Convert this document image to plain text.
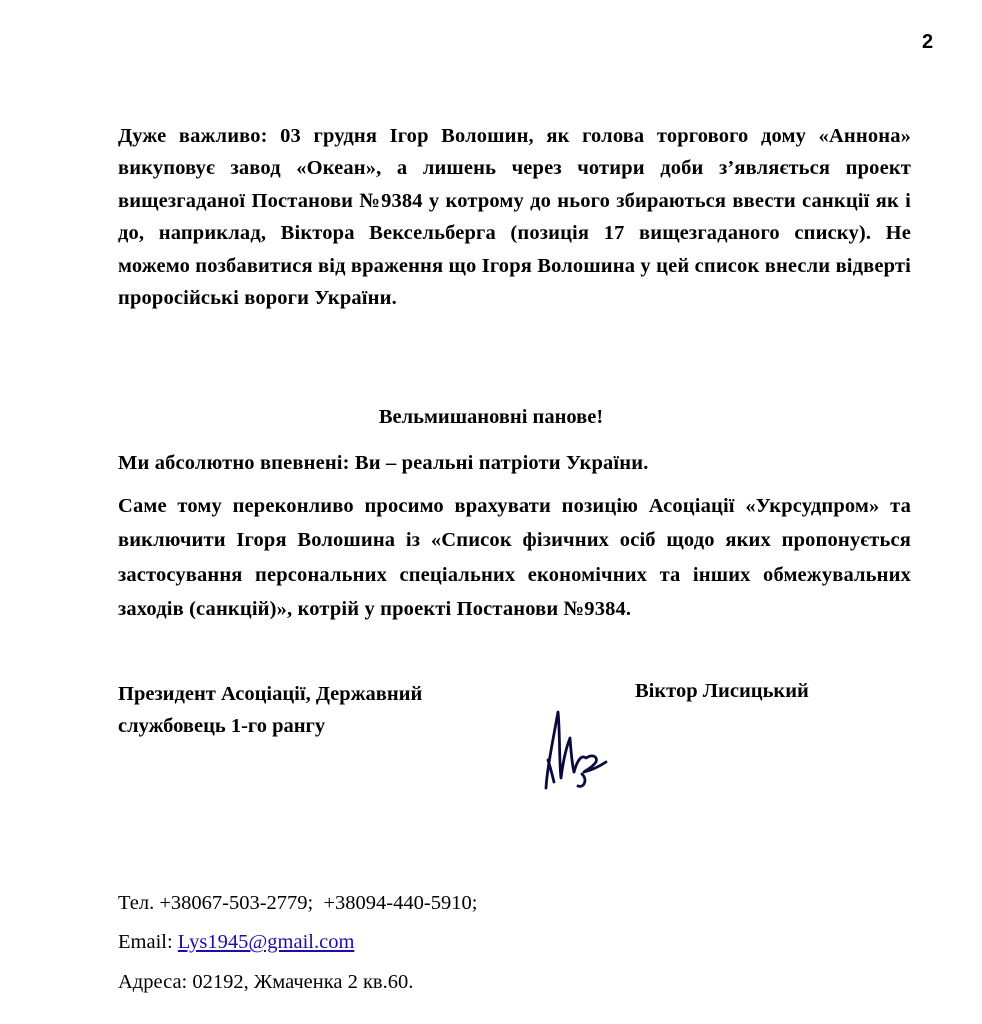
2
Дуже важливо: 03 грудня Ігор Волошин, як голова торгового дому «Аннона» викуповує завод «Океан», а лишень через чотири доби з’являється проект вищезгаданої Постанови №9384 у котрому до нього збираються ввести санкції як і до, наприклад, Віктора Вексельберга (позиція 17 вищезгаданого списку). Не можемо позбавитися від враження що Ігоря Волошина у цей список внесли відверті проросійські вороги України.
Вельмишановні панове!
Ми абсолютно впевнені: Ви – реальні патріоти України.
Саме тому переконливо просимо врахувати позицію Асоціації «Укрсудпром» та виключити Ігоря Волошина із «Список фізичних осіб щодо яких пропонується застосування персональних спеціальних економічних та інших обмежувальних заходів (санкцій)», котрій у проекті Постанови №9384.
Президент Асоціації, Державний
службовець 1-го рангу
Віктор Лисицький
Тел. +38067-503-2779;  +38094-440-5910;
Email: Lys1945@gmail.com
Адреса: 02192, Жмаченка 2 кв.60.
